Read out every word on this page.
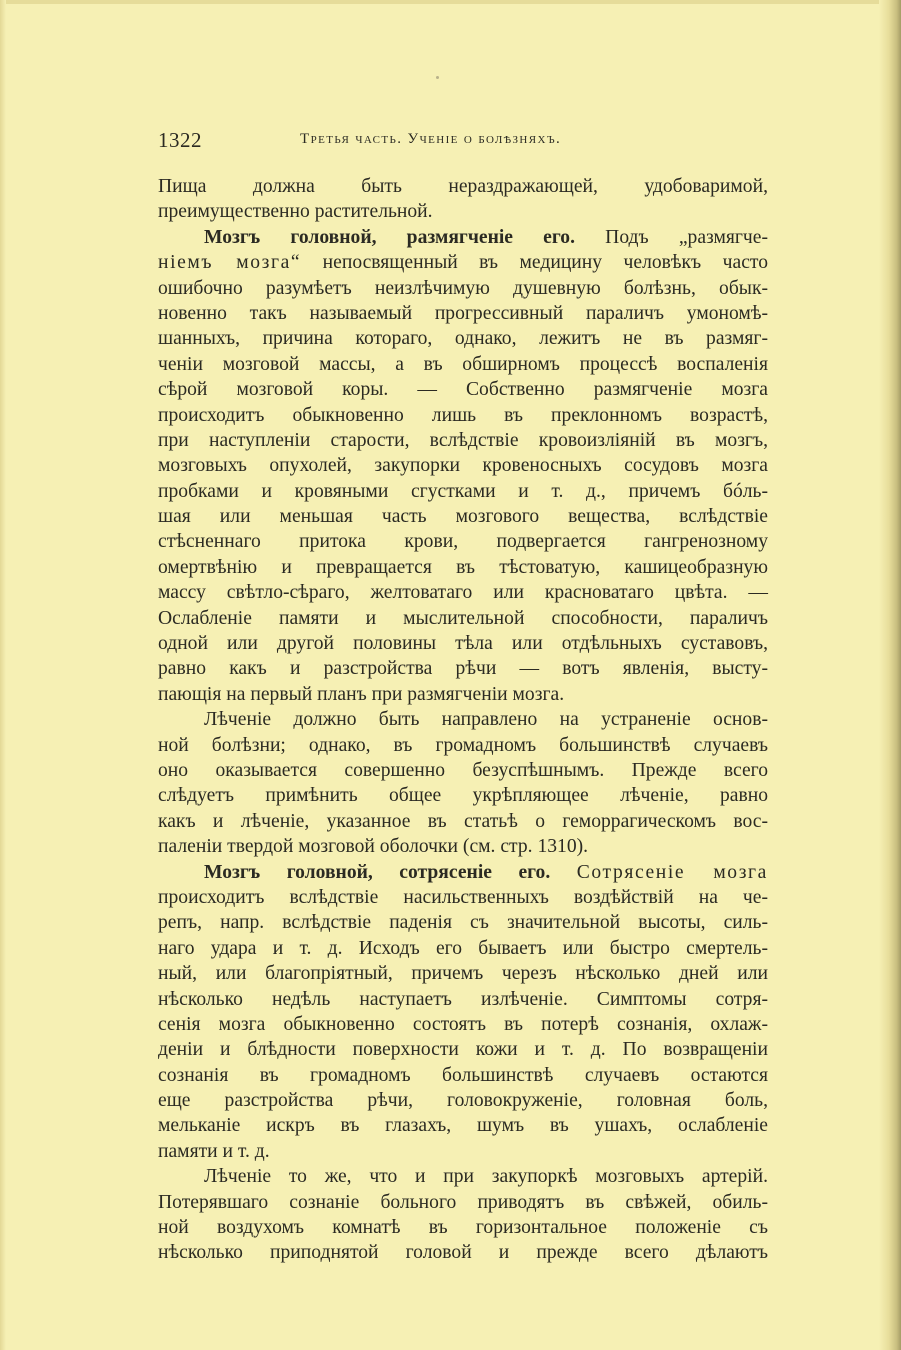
1322	Третья часть. Ученіе о болѣзняхъ.
Пища должна быть нераздражающей, удобоваримой,
преимущественно растительной.
Мозгъ головной, размягченіе его. Подъ „размягче-
ніемъ мозга“ непосвященный въ медицину человѣкъ часто
ошибочно разумѣетъ неизлѣчимую душевную болѣзнь, обык-
новенно такъ называемый прогрессивный параличъ умономѣ-
шанныхъ, причина котораго, однако, лежитъ не въ размяг-
ченіи мозговой массы, а въ обширномъ процессѣ воспаленія
сѣрой мозговой коры. — Собственно размягченіе мозга
происходитъ обыкновенно лишь въ преклонномъ возрастѣ,
при наступленіи старости, вслѣдствіе кровоизліяній въ мозгъ,
мозговыхъ опухолей, закупорки кровеносныхъ сосудовъ мозга
пробками и кровяными сгустками и т. д., причемъ бóль-
шая или меньшая часть мозгового вещества, вслѣдствіе
стѣсненнаго притока крови, подвергается гангренозному
омертвѣнію и превращается въ тѣстоватую, кашицеобразную
массу свѣтло-сѣраго, желтоватаго или красноватаго цвѣта. —
Ослабленіе памяти и мыслительной способности, параличъ
одной или другой половины тѣла или отдѣльныхъ суставовъ,
равно какъ и разстройства рѣчи — вотъ явленія, высту-
пающія на первый планъ при размягченіи мозга.
Лѣченіе должно быть направлено на устраненіе основ-
ной болѣзни; однако, въ громадномъ большинствѣ случаевъ
оно оказывается совершенно безуспѣшнымъ. Прежде всего
слѣдуетъ примѣнить общее укрѣпляющее лѣченіе, равно
какъ и лѣченіе, указанное въ статьѣ о геморрагическомъ вос-
паленіи твердой мозговой оболочки (см. стр. 1310).
Мозгъ головной, сотрясеніе его. Сотрясеніе мозга
происходитъ вслѣдствіе насильственныхъ воздѣйствій на че-
репъ, напр. вслѣдствіе паденія съ значительной высоты, силь-
наго удара и т. д. Исходъ его бываетъ или быстро смертель-
ный, или благопріятный, причемъ черезъ нѣсколько дней или
нѣсколько недѣль наступаетъ излѣченіе. Симптомы сотря-
сенія мозга обыкновенно состоятъ въ потерѣ сознанія, охлаж-
деніи и блѣдности поверхности кожи и т. д. По возвращеніи
сознанія въ громадномъ большинствѣ случаевъ остаются
еще разстройства рѣчи, головокруженіе, головная боль,
мельканіе искръ въ глазахъ, шумъ въ ушахъ, ослабленіе
памяти и т. д.
Лѣченіе то же, что и при закупоркѣ мозговыхъ артерій.
Потерявшаго сознаніе больного приводятъ въ свѣжей, обиль-
ной воздухомъ комнатѣ въ горизонтальное положеніе съ
нѣсколько приподнятой головой и прежде всего дѣлаютъ
